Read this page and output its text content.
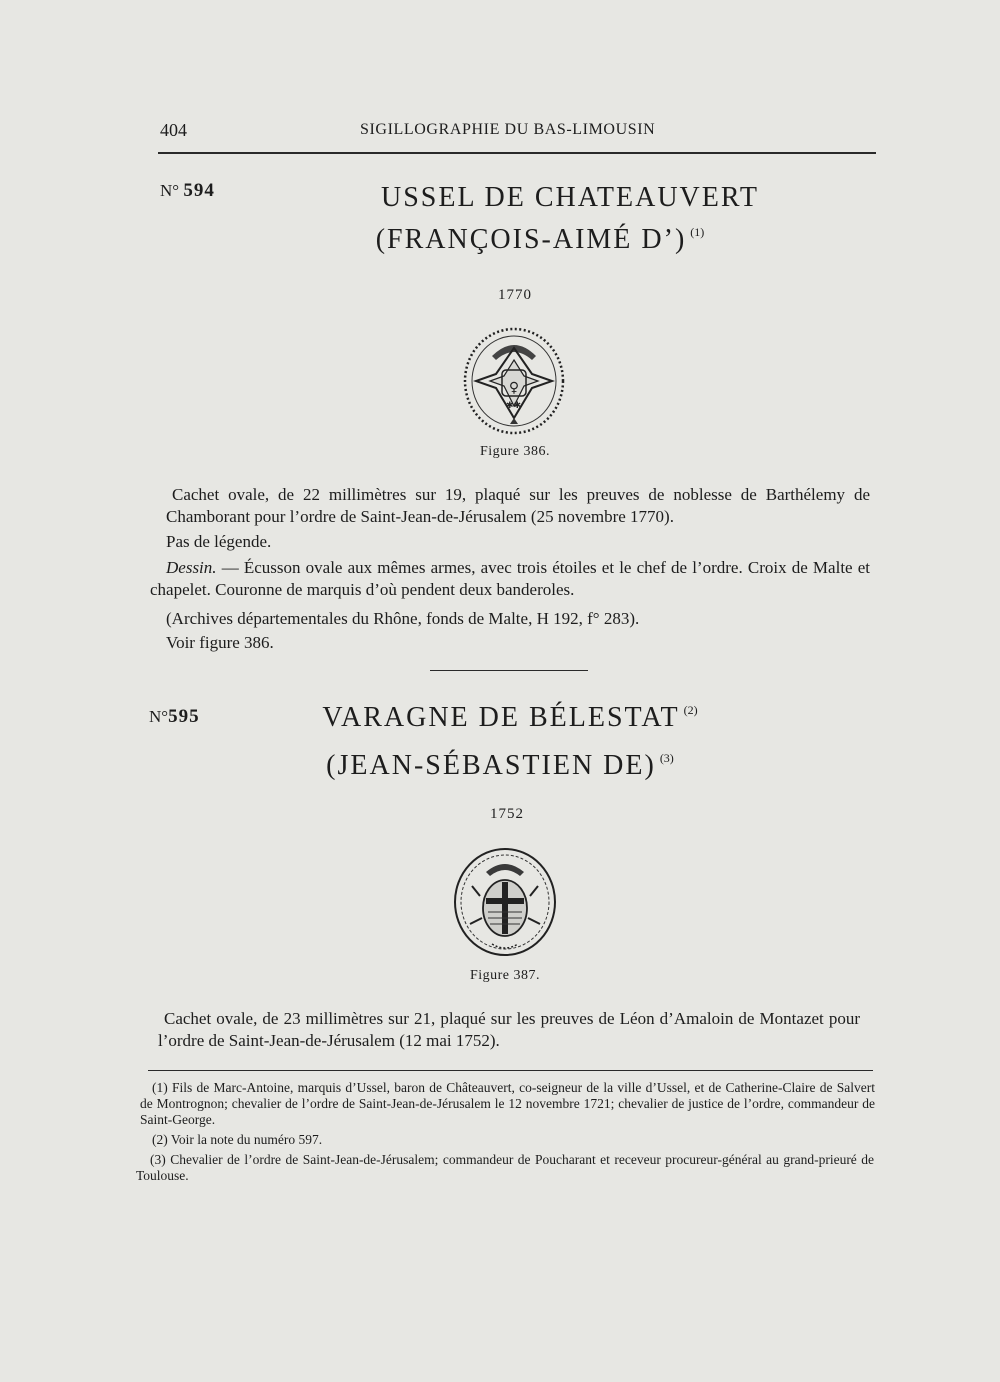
404	SIGILLOGRAPHIE DU BAS-LIMOUSIN
N° 594	USSEL DE CHATEAUVERT
(FRANÇOIS-AIMÉ D’) $^{(1)}$
1770
♀
✱✱
Figure 386.
Cachet ovale, de 22 millimètres sur 19, plaqué sur les preuves de noblesse de Barthélemy de Chamborant pour l’ordre de Saint-Jean-de-Jérusalem (25 novembre 1770).
Pas de légende.
Dessin. — Écusson ovale aux mêmes armes, avec trois étoiles et le chef de l’ordre. Croix de Malte et chapelet. Couronne de marquis d’où pendent deux banderoles.
(Archives départementales du Rhône, fonds de Malte, H 192, f° 283).
Voir figure 386.
N°595	VARAGNE DE BÉLESTAT $^{(2)}$
(JEAN-SÉBASTIEN DE) $^{(3)}$
1752
Figure 387.
Cachet ovale, de 23 millimètres sur 21, plaqué sur les preuves de Léon d’Amaloin de Montazet pour l’ordre de Saint-Jean-de-Jérusalem (12 mai 1752).
(1) Fils de Marc-Antoine, marquis d’Ussel, baron de Châteauvert, co-seigneur de la ville d’Ussel, et de Catherine-Claire de Salvert de Montrognon; chevalier de l’ordre de Saint-Jean-de-Jérusalem le 12 novembre 1721; chevalier de justice de l’ordre, commandeur de Saint-George.
(2) Voir la note du numéro 597.
(3) Chevalier de l’ordre de Saint-Jean-de-Jérusalem; commandeur de Poucharant et receveur procureur-général au grand-prieuré de Toulouse.
